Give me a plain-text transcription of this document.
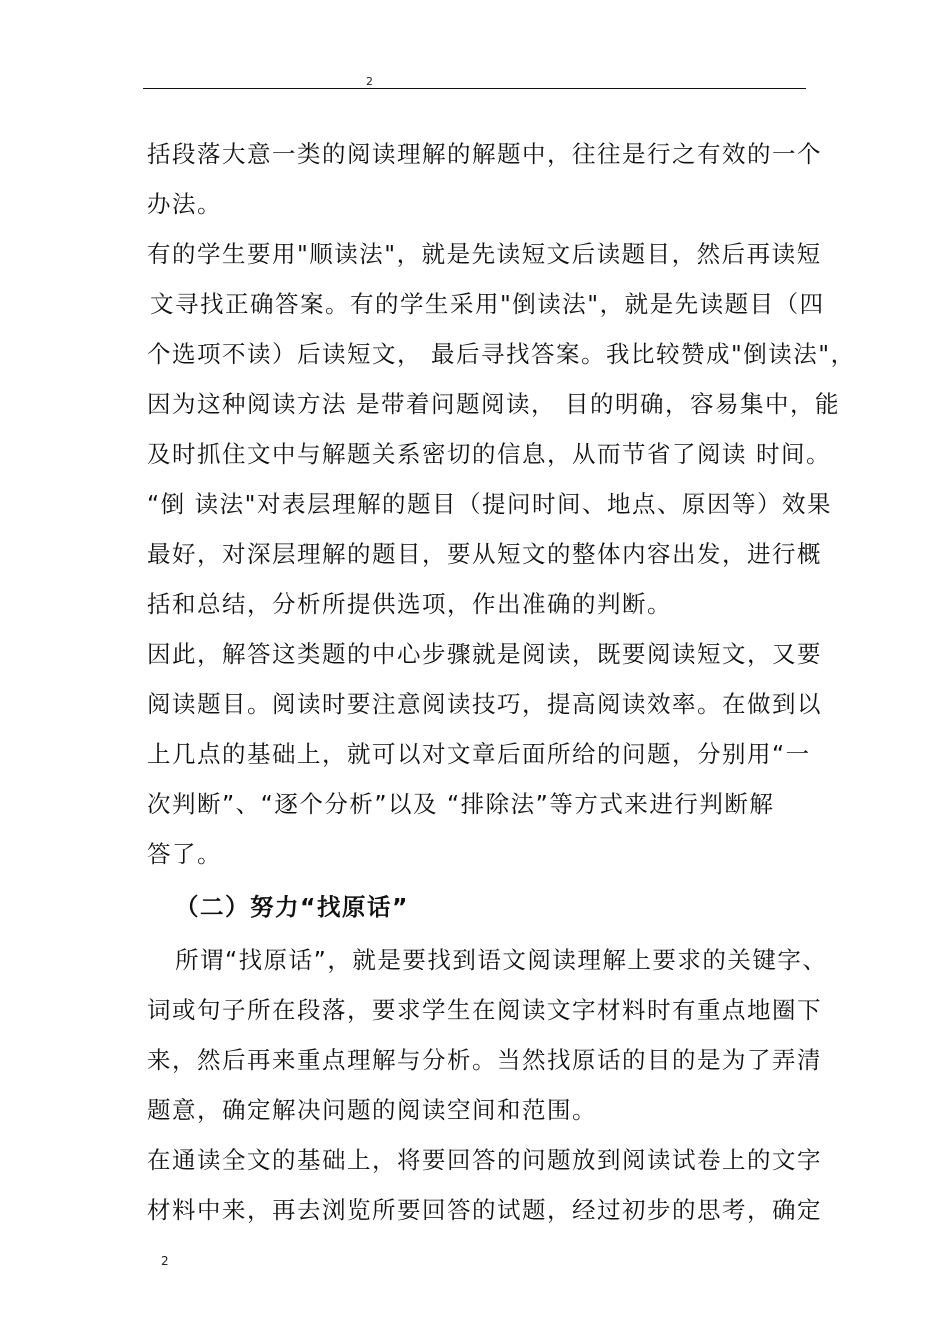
2
括段落大意一类的阅读理解的解题中，往往是行之有效的一个
办法。
有的学生要用"顺读法"，就是先读短文后读题目，然后再读短
文寻找正确答案。有的学生采用"倒读法"，就是先读题目（四
个选项不读）后读短文， 最后寻找答案。我比较赞成"倒读法"，
因为这种阅读方法 是带着问题阅读， 目的明确，容易集中，能
及时抓住文中与解题关系密切的信息，从而节省了阅读 时间。
“倒 读法"对表层理解的题目（提问时间、地点、原因等）效果
最好，对深层理解的题目，要从短文的整体内容出发，进行概
括和总结，分析所提供选项，作出准确的判断。
因此，解答这类题的中心步骤就是阅读，既要阅读短文，又要
阅读题目。阅读时要注意阅读技巧，提高阅读效率。在做到以
上几点的基础上，就可以对文章后面所给的问题，分别用“一
次判断”、“逐个分析”以及 “排除法”等方式来进行判断解
答了。
（二）努力“找原话”
所谓“找原话”，就是要找到语文阅读理解上要求的关键字、
词或句子所在段落，要求学生在阅读文字材料时有重点地圈下
来，然后再来重点理解与分析。当然找原话的目的是为了弄清
题意，确定解决问题的阅读空间和范围。
在通读全文的基础上，将要回答的问题放到阅读试卷上的文字
材料中来，再去浏览所要回答的试题，经过初步的思考，确定
2
